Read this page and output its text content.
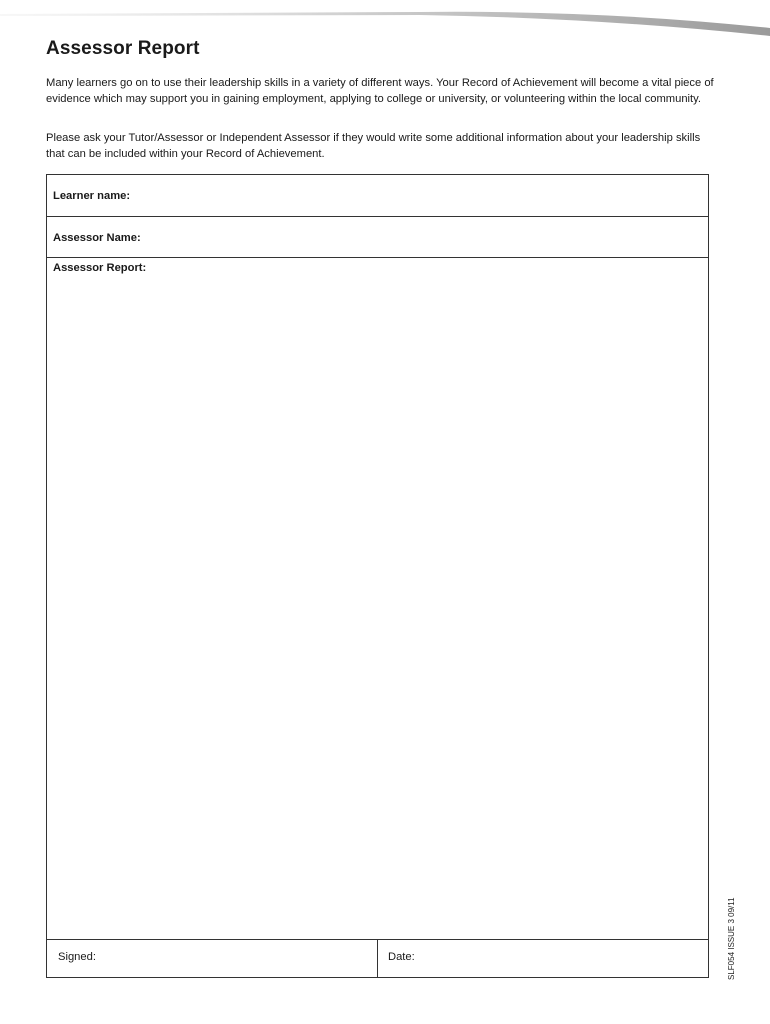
Assessor Report

Many learners go on to use their leadership skills in a variety of different ways. Your Record of Achievement will become a vital piece of evidence which may support you in gaining employment, applying to college or university, or volunteering within the local community.

Please ask your Tutor/Assessor or Independent Assessor if they would write some additional information about your leadership skills that can be included within your Record of Achievement.

Learner name:
Assessor Name:
Assessor Report:
Signed:	Date:	SLF054 ISSUE 3 09/11
